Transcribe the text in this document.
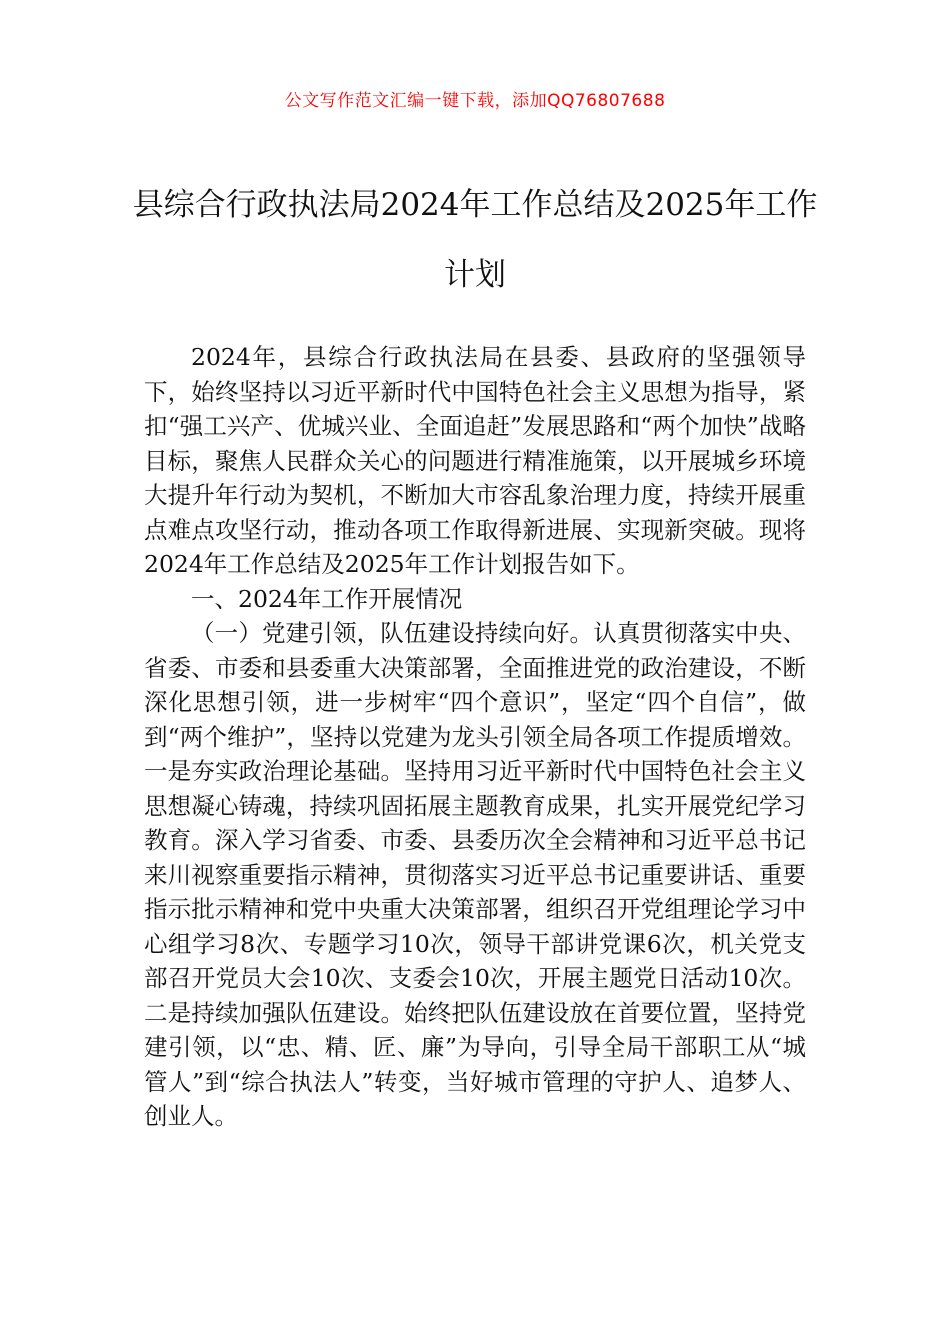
公文写作范文汇编一键下载，添加QQ76807688
县综合行政执法局2024年工作总结及2025年工作计划

2024年，县综合行政执法局在县委、县政府的坚强领导下，始终坚持以习近平新时代中国特色社会主义思想为指导，紧扣“强工兴产、优城兴业、全面追赶”发展思路和“两个加快”战略目标，聚焦人民群众关心的问题进行精准施策，以开展城乡环境大提升年行动为契机，不断加大市容乱象治理力度，持续开展重点难点攻坚行动，推动各项工作取得新进展、实现新突破。现将2024年工作总结及2025年工作计划报告如下。

一、2024年工作开展情况

（一）党建引领，队伍建设持续向好。认真贯彻落实中央、省委、市委和县委重大决策部署，全面推进党的政治建设，不断深化思想引领，进一步树牢“四个意识”，坚定“四个自信”，做到“两个维护”，坚持以党建为龙头引领全局各项工作提质增效。一是夯实政治理论基础。坚持用习近平新时代中国特色社会主义思想凝心铸魂，持续巩固拓展主题教育成果，扎实开展党纪学习教育。深入学习省委、市委、县委历次全会精神和习近平总书记来川视察重要指示精神，贯彻落实习近平总书记重要讲话、重要指示批示精神和党中央重大决策部署，组织召开党组理论学习中心组学习8次、专题学习10次，领导干部讲党课6次，机关党支部召开党员大会10次、支委会10次，开展主题党日活动10次。二是持续加强队伍建设。始终把队伍建设放在首要位置，坚持党建引领，以“忠、精、匠、廉”为导向，引导全局干部职工从“城管人”到“综合执法人”转变，当好城市管理的守护人、追梦人、创业人。
